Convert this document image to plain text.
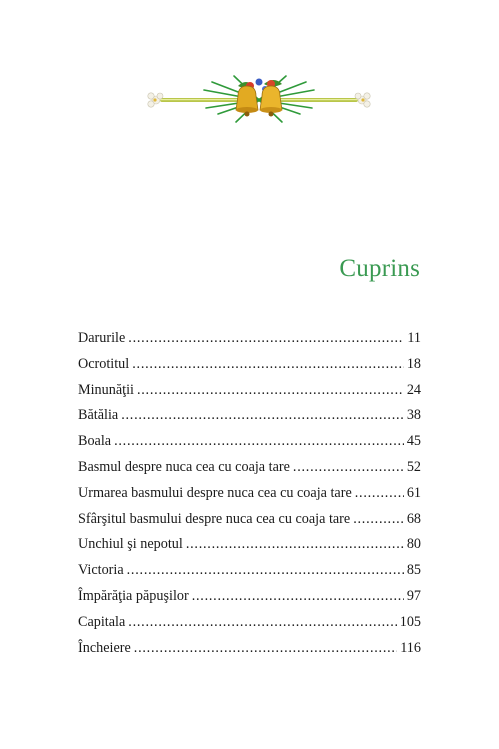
Cuprins
Darurile . . .	11
Ocrotitul . . .	18
Minunăţii . . .	24
Bătălia . . .	38
Boala . . .	45
Basmul despre nuca cea cu coaja tare . . .	52
Urmarea basmului despre nuca cea cu coaja tare . . .	61
Sfârşitul basmului despre nuca cea cu coaja tare . . .	68
Unchiul şi nepotul . . .	80
Victoria . . .	85
Împărăţia păpuşilor . . .	97
Capitala . . .	105
Încheiere . . .	116
